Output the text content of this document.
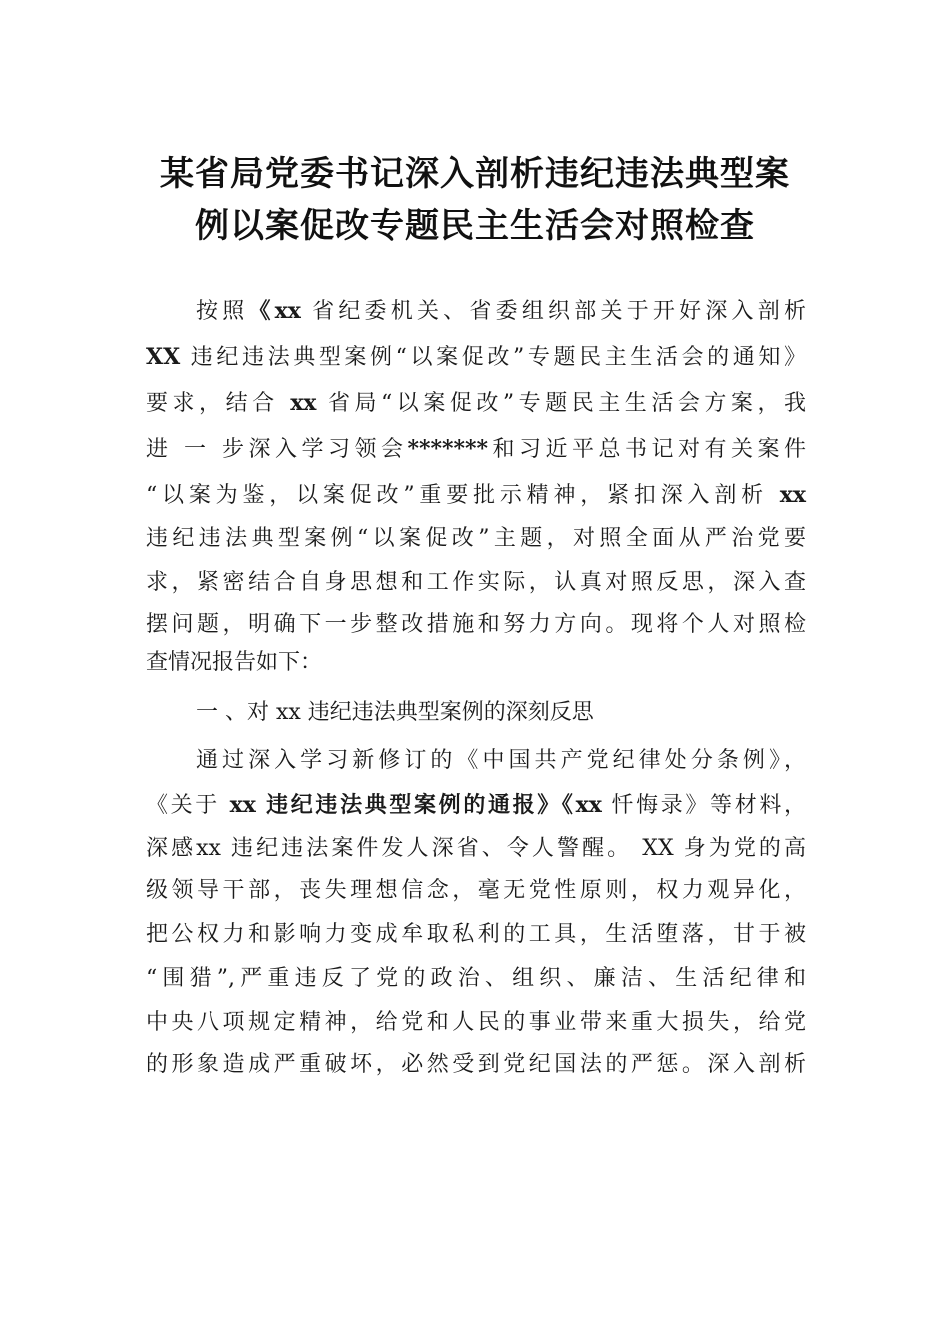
某省局党委书记深入剖析违纪违法典型案
例以案促改专题民主生活会对照检查
按照《xx 省纪委机关、省委组织部关于开好深入剖析
XX 违纪违法典型案例“以案促改”专题民主生活会的通知》
要求，结合 xx 省局“以案促改”专题民主生活会方案，我
进 一 步深入学习领会*******和习近平总书记对有关案件
“以案为鉴，以案促改”重要批示精神，紧扣深入剖析 xx
违纪违法典型案例“以案促改”主题，对照全面从严治党要
求，紧密结合自身思想和工作实际，认真对照反思，深入查
摆问题，明确下一步整改措施和努力方向。现将个人对照检
查情况报告如下：
一 、对 xx 违纪违法典型案例的深刻反思
通过深入学习新修订的《中国共产党纪律处分条例》，
《关于 xx 违纪违法典型案例的通报》《xx 忏悔录》等材料，
深感xx 违纪违法案件发人深省、令人警醒。 XX 身为党的高
级领导干部，丧失理想信念，毫无党性原则，权力观异化，
把公权力和影响力变成牟取私利的工具，生活堕落，甘于被
“围猎”,严重违反了党的政治、组织、廉洁、生活纪律和
中央八项规定精神，给党和人民的事业带来重大损失，给党
的形象造成严重破坏，必然受到党纪国法的严惩。深入剖析
